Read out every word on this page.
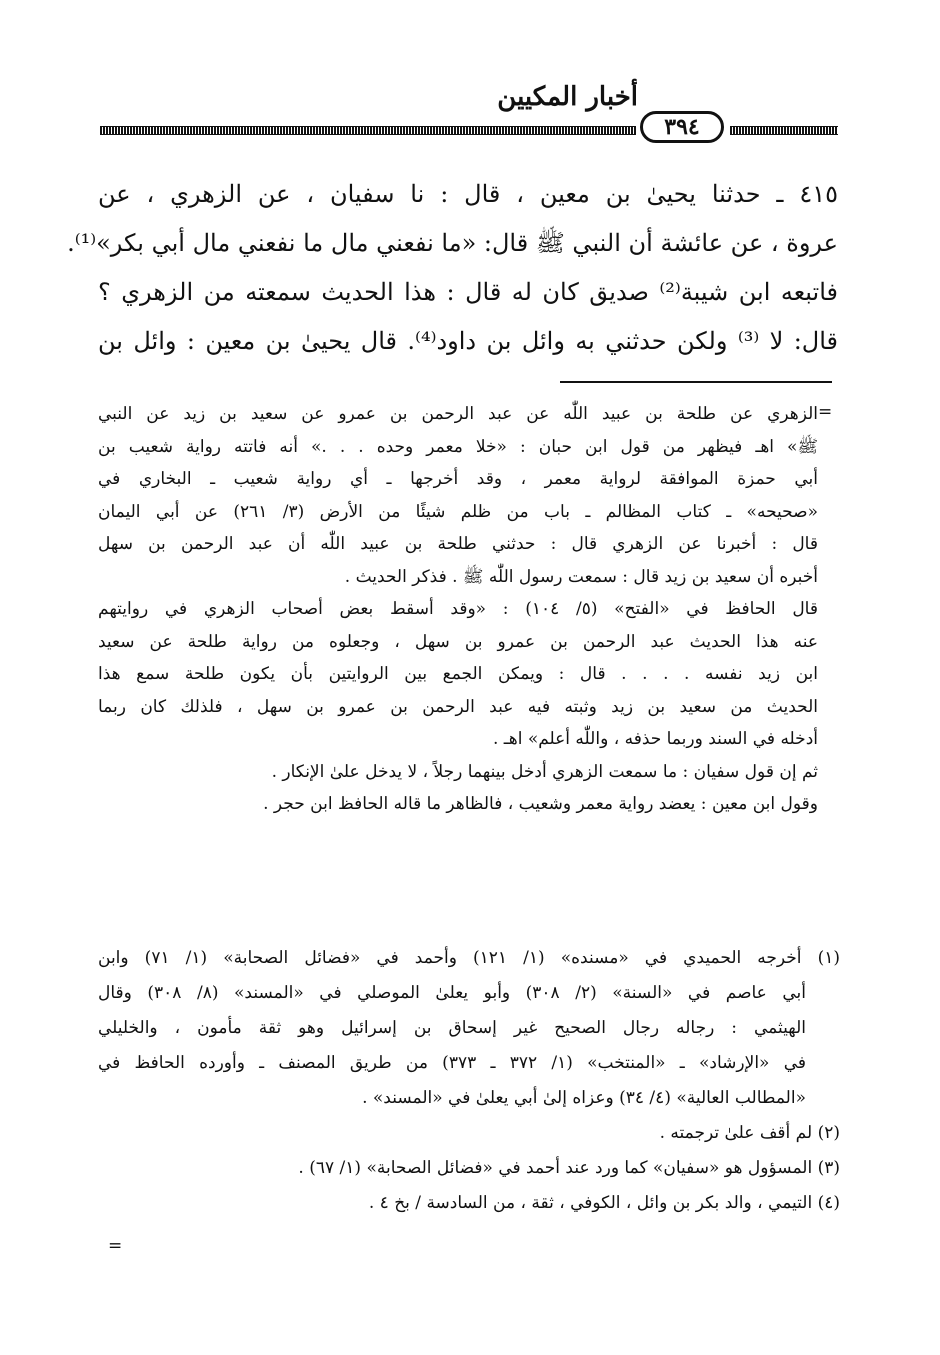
أخبار المكيين
٣٩٤
٤١٥ ـ حدثنا يحيىٰ بن معين ، قال : نا سفيان ، عن الزهري ، عن
عروة ، عن عائشة أن النبي ﷺ قال: «ما نفعني مال ما نفعني مال أبي بكر»⁽¹⁾.
فاتبعه ابن شيبة⁽²⁾ صديق كان له قال : هذا الحديث سمعته من الزهري ؟
قال: لا ⁽³⁾ ولكن حدثني به وائل بن داود⁽⁴⁾. قال يحيىٰ بن معين : وائل بن
=
الزهري عن طلحة بن عبيد اللّٰه عن عبد الرحمن بن عمرو عن سعيد بن زيد عن النبي
ﷺ» اهـ فيظهر من قول ابن حبان : «خلا معمر وحده . . .» أنه فاتته رواية شعيب بن
أبي حمزة الموافقة لرواية معمر ، وقد أخرجها ـ أي رواية شعيب ـ البخاري في
«صحيحه» ـ كتاب المظالم ـ باب من ظلم شيئًا من الأرض (٣/ ٢٦١) عن أبي اليمان
قال : أخبرنا عن الزهري قال : حدثني طلحة بن عبيد اللّٰه أن عبد الرحمن بن سهل
أخبره أن سعيد بن زيد قال : سمعت رسول اللّٰه ﷺ . فذكر الحديث .
قال الحافظ في «الفتح» (٥/ ١٠٤) : «وقد أسقط بعض أصحاب الزهري في روايتهم
عنه هذا الحديث عبد الرحمن بن عمرو بن سهل ، وجعلوه من رواية طلحة عن سعيد
ابن زيد نفسه . . . . قال : ويمكن الجمع بين الروايتين بأن يكون طلحة سمع هذا
الحديث من سعيد بن زيد وثبته فيه عبد الرحمن بن عمرو بن سهل ، فلذلك كان ربما
أدخله في السند وربما حذفه ، واللّٰه أعلم» اهـ .
ثم إن قول سفيان : ما سمعت الزهري أدخل بينهما رجلاً ، لا يدخل علىٰ الإنكار .
وقول ابن معين : يعضد رواية معمر وشعيب ، فالظاهر ما قاله الحافظ ابن حجر .
(١) أخرجه الحميدي في «مسنده» (١/ ١٢١) وأحمد في «فضائل الصحابة» (١/ ٧١) وابن
أبي عاصم في «السنة» (٢/ ٣٠٨) وأبو يعلىٰ الموصلي في «المسند» (٨/ ٣٠٨) وقال
الهيثمي : رجاله رجال الصحيح غير إسحاق بن إسرائيل وهو ثقة مأمون ، والخليلي
في «الإرشاد» ـ «المنتخب» (١/ ٣٧٢ ـ ٣٧٣) من طريق المصنف ـ وأورده الحافظ في
«المطالب العالية» (٤/ ٣٤) وعزاه إلىٰ أبي يعلىٰ في «المسند» .
(٢) لم أقف علىٰ ترجمته .
(٣) المسؤول هو «سفيان» كما ورد عند أحمد في «فضائل الصحابة» (١/ ٦٧) .
(٤) التيمي ، والد بكر بن وائل ، الكوفي ، ثقة ، من السادسة / بخ ٤ .
=
